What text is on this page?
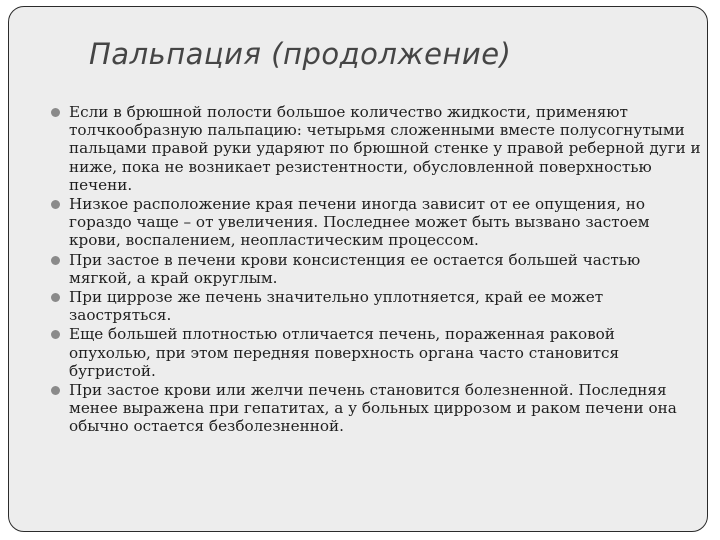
Пальпация (продолжение)
Если в брюшной полости большое количество жидкости, применяют толчкообразную пальпацию: четырьмя сложенными вместе полусогнутыми пальцами правой руки ударяют по брюшной стенке у правой реберной дуги и ниже, пока не возникает резистентности, обусловленной поверхностью печени.
Низкое расположение края печени иногда зависит от ее опущения, но гораздо чаще – от увеличения. Последнее может быть вызвано застоем крови, воспалением, неопластическим процессом.
При застое в печени крови консистенция ее остается большей частью мягкой, а край округлым.
При циррозе же печень значительно уплотняется, край ее может заостряться.
Еще большей плотностью отличается печень, пораженная раковой опухолью, при этом передняя поверхность органа часто становится бугристой.
При застое крови или желчи печень становится болезненной. Последняя менее выражена при гепатитах, а у больных циррозом и раком печени она обычно остается безболезненной.
